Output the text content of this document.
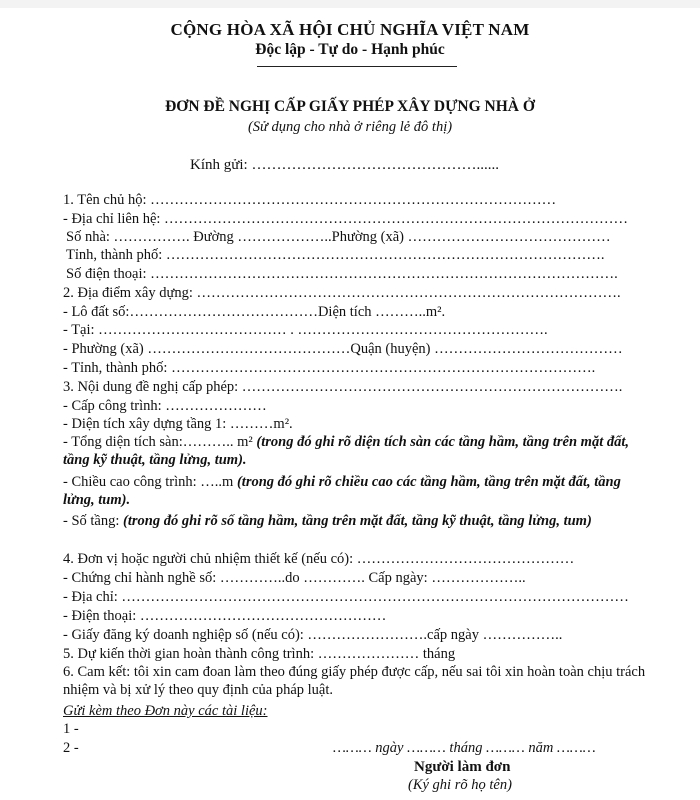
CỘNG HÒA XÃ HỘI CHỦ NGHĨA VIỆT NAM
Độc lập - Tự do - Hạnh phúc
ĐƠN ĐỀ NGHỊ CẤP GIẤY PHÉP XÂY DỰNG NHÀ Ở
(Sử dụng cho nhà ở riêng lẻ đô thị)
Kính gửi: ………………………………………......
1. Tên chủ hộ: …………………………………………………………………………
- Địa chỉ liên hệ: ……………………………………………………………………………………
Số nhà: ……………. Đường ………………..Phường (xã) ……………………………………
Tỉnh, thành phố: ……………………………………………………………………………….
Số điện thoại: …………………………………………………………………………………….
2. Địa điểm xây dựng: …………………………………………………………………………….
- Lô đất số:…………………………………Diện tích ………..m².
- Tại: ………………………………… . …………………………………………….
- Phường (xã) ……………………………………Quận (huyện) …………………………………
- Tỉnh, thành phố: …………………………………………………………………………….
3. Nội dung đề nghị cấp phép: …………………………………………………………………….
- Cấp công trình: …………………
- Diện tích xây dựng tầng 1: ………m².
- Tổng diện tích sàn:……….. m² (trong đó ghi rõ diện tích sàn các tầng hầm, tầng trên mặt đất, tầng kỹ thuật, tầng lửng, tum).
- Chiều cao công trình: …..m (trong đó ghi rõ chiều cao các tầng hầm, tầng trên mặt đất, tầng lửng, tum).
- Số tầng: (trong đó ghi rõ số tầng hầm, tầng trên mặt đất, tầng kỹ thuật, tầng lửng, tum)
4. Đơn vị hoặc người chủ nhiệm thiết kế (nếu có): ………………………………………
- Chứng chỉ hành nghề số: …………..do …………. Cấp ngày: ………………..
- Địa chỉ: ……………………………………………………………………………………………
- Điện thoại: ……………………………………………
- Giấy đăng ký doanh nghiệp số (nếu có): …………………….cấp ngày ……………..
5. Dự kiến thời gian hoàn thành công trình: ………………… tháng
6. Cam kết: tôi xin cam đoan làm theo đúng giấy phép được cấp, nếu sai tôi xin hoàn toàn chịu trách nhiệm và bị xử lý theo quy định của pháp luật.
Gửi kèm theo Đơn này các tài liệu:
1 -
2 -	……… ngày ……… tháng ……… năm ………
Người làm đơn
(Ký ghi rõ họ tên)
